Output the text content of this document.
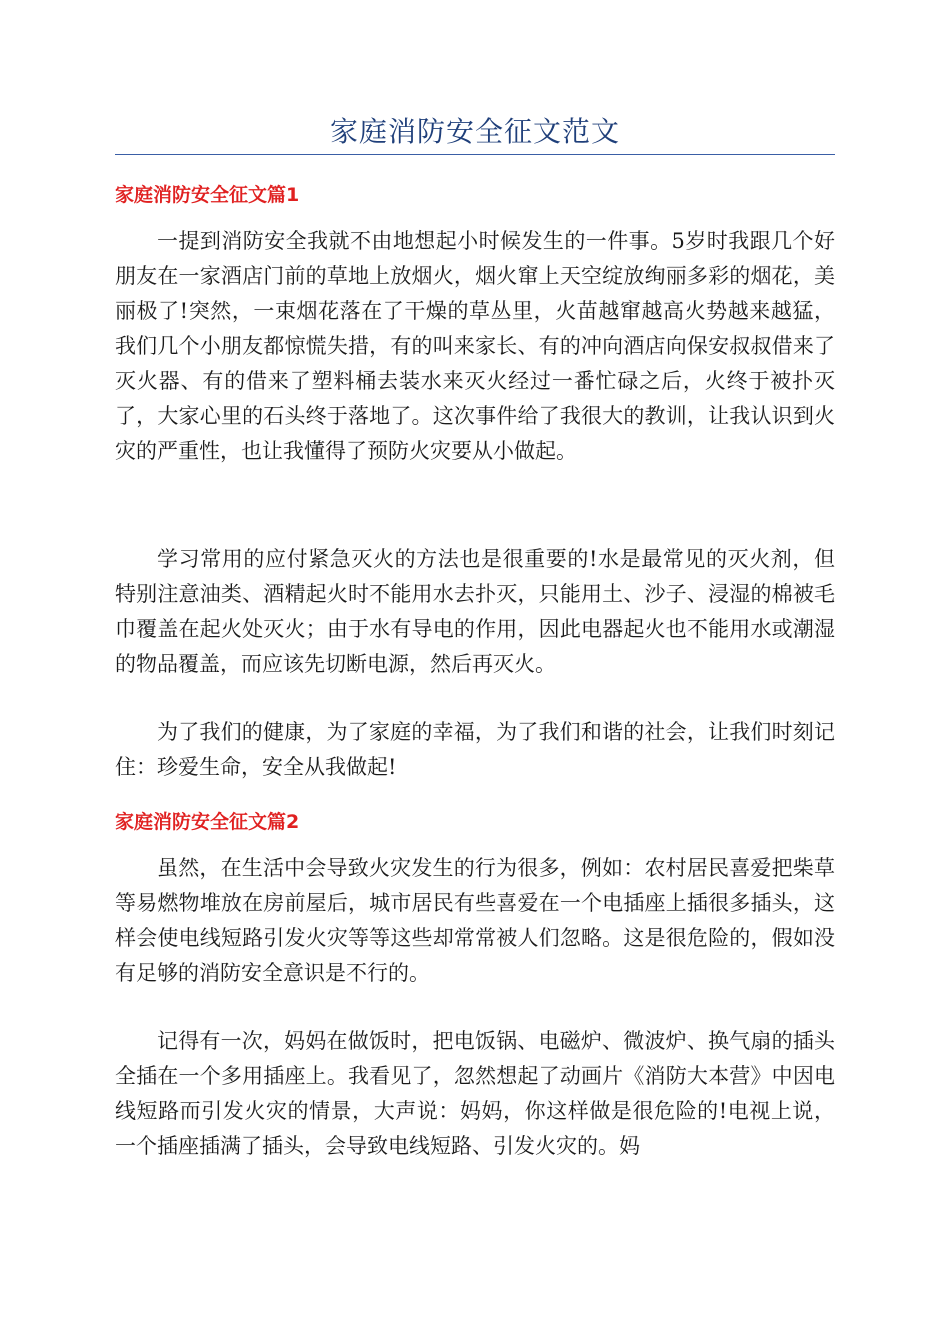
家庭消防安全征文范文
家庭消防安全征文篇1

一提到消防安全我就不由地想起小时候发生的一件事。5岁时我跟几个好朋友在一家酒店门前的草地上放烟火，烟火窜上天空绽放绚丽多彩的烟花，美丽极了!突然，一束烟花落在了干燥的草丛里，火苗越窜越高火势越来越猛，我们几个小朋友都惊慌失措，有的叫来家长、有的冲向酒店向保安叔叔借来了灭火器、有的借来了塑料桶去装水来灭火经过一番忙碌之后，火终于被扑灭了，大家心里的石头终于落地了。这次事件给了我很大的教训，让我认识到火灾的严重性，也让我懂得了预防火灾要从小做起。

学习常用的应付紧急灭火的方法也是很重要的!水是最常见的灭火剂，但特别注意油类、酒精起火时不能用水去扑灭，只能用土、沙子、浸湿的棉被毛巾覆盖在起火处灭火；由于水有导电的作用，因此电器起火也不能用水或潮湿的物品覆盖，而应该先切断电源，然后再灭火。

为了我们的健康，为了家庭的幸福，为了我们和谐的社会，让我们时刻记住：珍爱生命，安全从我做起!

家庭消防安全征文篇2

虽然，在生活中会导致火灾发生的行为很多，例如：农村居民喜爱把柴草等易燃物堆放在房前屋后，城市居民有些喜爱在一个电插座上插很多插头，这样会使电线短路引发火灾等等这些却常常被人们忽略。这是很危险的，假如没有足够的消防安全意识是不行的。

记得有一次，妈妈在做饭时，把电饭锅、电磁炉、微波炉、换气扇的插头全插在一个多用插座上。我看见了，忽然想起了动画片《消防大本营》中因电线短路而引发火灾的情景，大声说：妈妈，你这样做是很危险的!电视上说，一个插座插满了插头，会导致电线短路、引发火灾的。妈
